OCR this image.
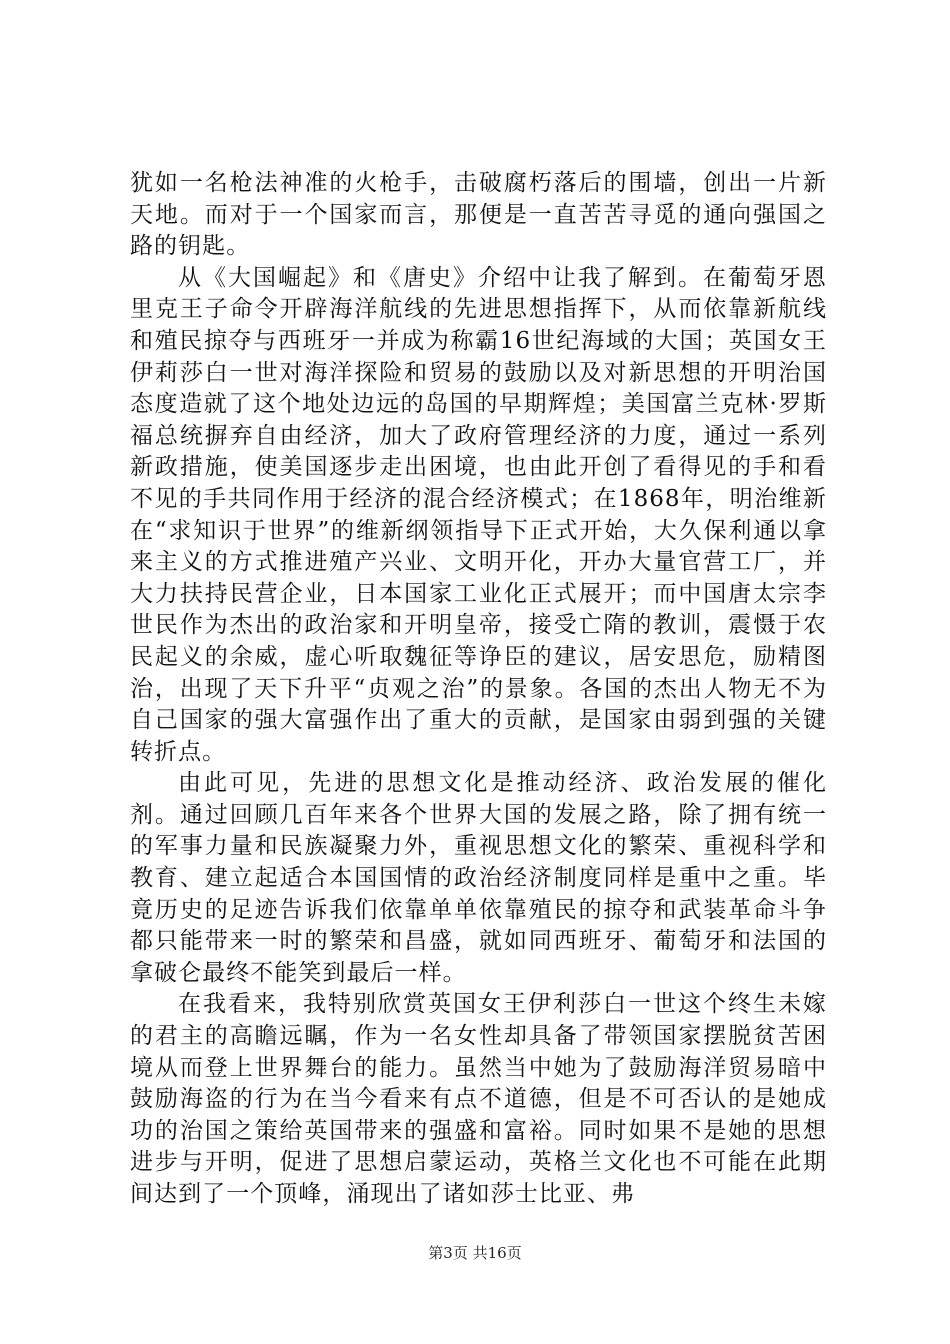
犹如一名枪法神准的火枪手，击破腐朽落后的围墙，创出一片新天地。而对于一个国家而言，那便是一直苦苦寻觅的通向强国之路的钥匙。

从《大国崛起》和《唐史》介绍中让我了解到。在葡萄牙恩里克王子命令开辟海洋航线的先进思想指挥下，从而依靠新航线和殖民掠夺与西班牙一并成为称霸16世纪海域的大国；英国女王伊莉莎白一世对海洋探险和贸易的鼓励以及对新思想的开明治国态度造就了这个地处边远的岛国的早期辉煌；美国富兰克林·罗斯福总统摒弃自由经济，加大了政府管理经济的力度，通过一系列新政措施，使美国逐步走出困境，也由此开创了看得见的手和看不见的手共同作用于经济的混合经济模式；在1868年，明治维新在“求知识于世界”的维新纲领指导下正式开始，大久保利通以拿来主义的方式推进殖产兴业、文明开化，开办大量官营工厂，并大力扶持民营企业，日本国家工业化正式展开；而中国唐太宗李世民作为杰出的政治家和开明皇帝，接受亡隋的教训，震慑于农民起义的余威，虚心听取魏征等诤臣的建议，居安思危，励精图治，出现了天下升平“贞观之治”的景象。各国的杰出人物无不为自己国家的强大富强作出了重大的贡献，是国家由弱到强的关键转折点。

由此可见，先进的思想文化是推动经济、政治发展的催化剂。通过回顾几百年来各个世界大国的发展之路，除了拥有统一的军事力量和民族凝聚力外，重视思想文化的繁荣、重视科学和教育、建立起适合本国国情的政治经济制度同样是重中之重。毕竟历史的足迹告诉我们依靠单单依靠殖民的掠夺和武装革命斗争都只能带来一时的繁荣和昌盛，就如同西班牙、葡萄牙和法国的拿破仑最终不能笑到最后一样。

在我看来，我特别欣赏英国女王伊利莎白一世这个终生未嫁的君主的高瞻远瞩，作为一名女性却具备了带领国家摆脱贫苦困境从而登上世界舞台的能力。虽然当中她为了鼓励海洋贸易暗中鼓励海盗的行为在当今看来有点不道德，但是不可否认的是她成功的治国之策给英国带来的强盛和富裕。同时如果不是她的思想进步与开明，促进了思想启蒙运动，英格兰文化也不可能在此期间达到了一个顶峰，涌现出了诸如莎士比亚、弗

第3页 共16页
